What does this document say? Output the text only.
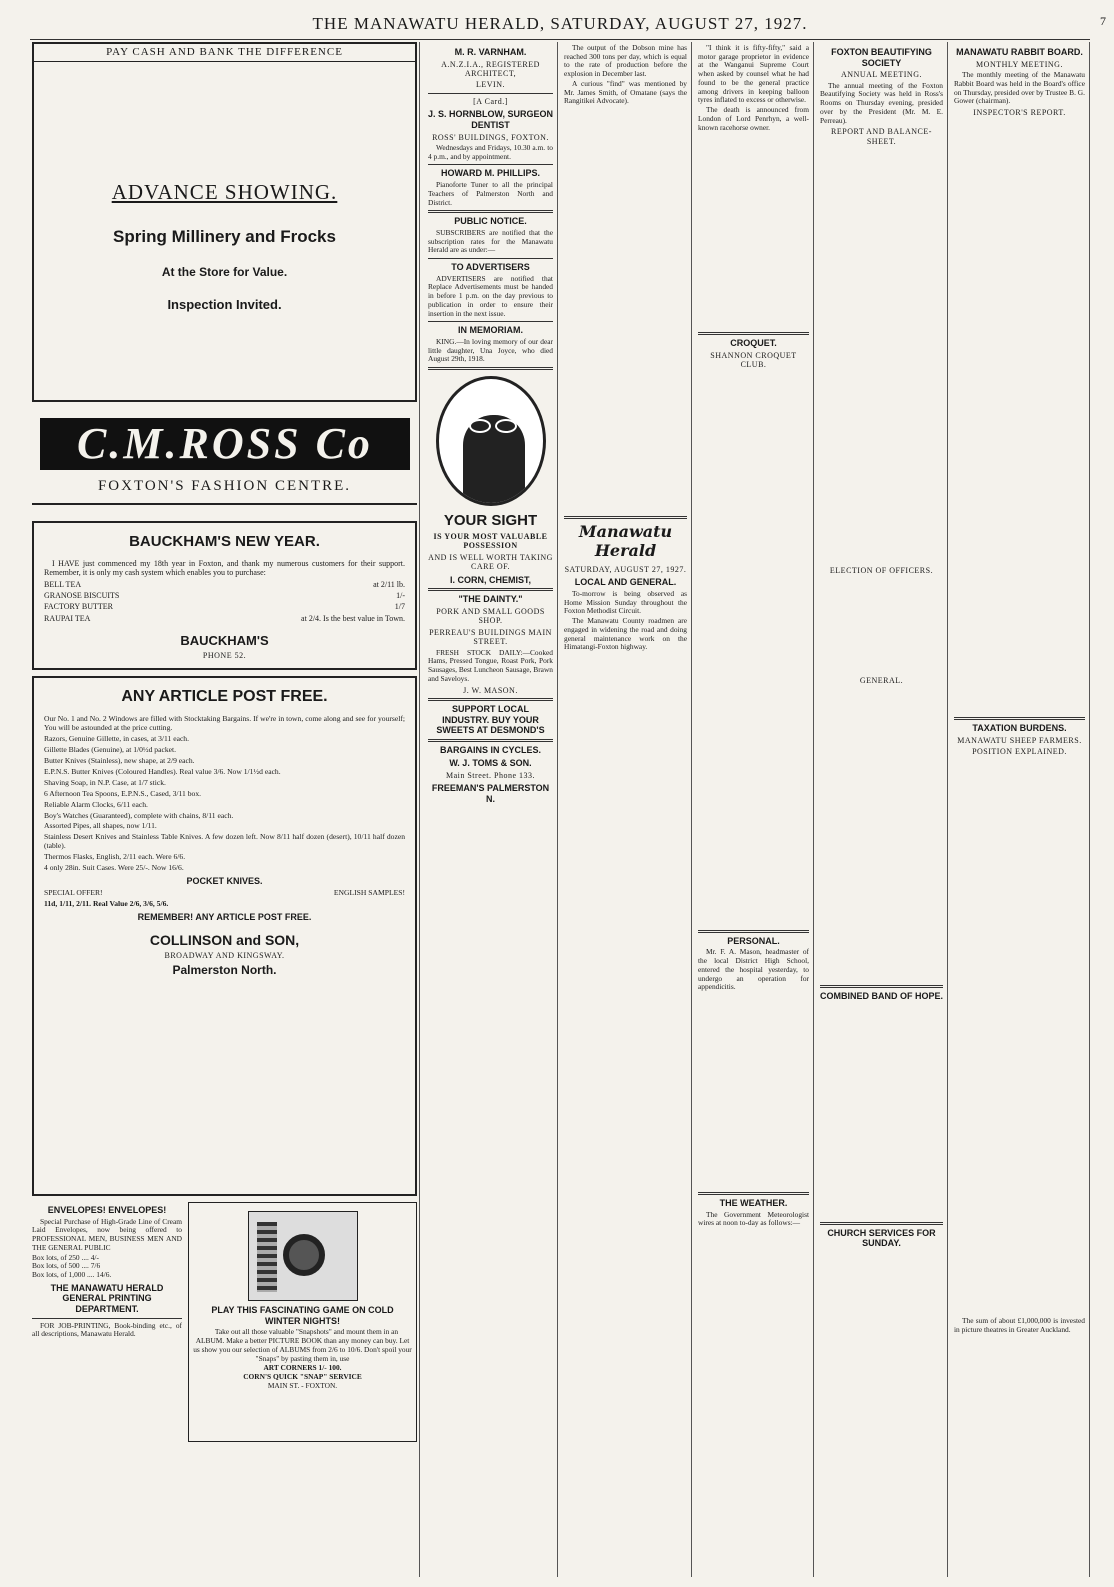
THE MANAWATU HERALD, SATURDAY, AUGUST 27, 1927.	7
PAY CASH AND BANK THE DIFFERENCE
ADVANCE SHOWING.
Spring Millinery and Frocks
At the Store for Value.
Inspection Invited.
C.M.ROSS Co
FOXTON'S FASHION CENTRE.
BAUCKHAM'S NEW YEAR.

I HAVE just commenced my 18th year in Foxton, and thank my numerous customers for their support. Remember, it is only my cash system which enables you to purchase:

BELL TEA	at 2/11 lb.
GRANOSE BISCUITS	1/-
FACTORY BUTTER	1/7
RAUPAI TEA	at 2/4. Is the best value in Town.
BAUCKHAM'S
PHONE 52.
ANY ARTICLE POST FREE.
Our No. 1 and No. 2 Windows are filled with Stocktaking Bargains. If we're in town, come along and see for yourself; You will be astounded at the price cutting.
Razors, Genuine Gillette, in cases, at 3/11 each.
Gillette Blades (Genuine), at 1/0½d packet.
Butter Knives (Stainless), new shape, at 2/9 each.
E.P.N.S. Butter Knives (Coloured Handles). Real value 3/6. Now 1/1½d each.
Shaving Soap, in N.P. Case, at 1/7 stick.
6 Afternoon Tea Spoons, E.P.N.S., Cased, 3/11 box.
Reliable Alarm Clocks, 6/11 each.
Boy's Watches (Guaranteed), complete with chains, 8/11 each.
Assorted Pipes, all shapes, now 1/11.
Stainless Desert Knives and Stainless Table Knives. A few dozen left. Now 8/11 half dozen (desert), 10/11 half dozen (table).
Thermos Flasks, English, 2/11 each. Were 6/6.
4 only 28in. Suit Cases. Were 25/-. Now 16/6.
POCKET KNIVES.
SPECIAL OFFER!	ENGLISH SAMPLES!
11d, 1/11, 2/11. Real Value 2/6, 3/6, 5/6.
REMEMBER! ANY ARTICLE POST FREE.
COLLINSON and SON,
BROADWAY AND KINGSWAY.
Palmerston North.
ENVELOPES! ENVELOPES!

Special Purchase of High-Grade Line of Cream Laid Envelopes, now being offered to PROFESSIONAL MEN, BUSINESS MEN AND THE GENERAL PUBLIC

Box lots, of 250 .... 4/-
Box lots, of 500 .... 7/6
Box lots, of 1,000 .... 14/6.
THE MANAWATU HERALD GENERAL PRINTING DEPARTMENT.

FOR JOB-PRINTING, Book-binding etc., of all descriptions, Manawatu Herald.

PLAY THIS FASCINATING GAME ON COLD WINTER NIGHTS!

Take out all those valuable "Snapshots" and mount them in an ALBUM. Make a better PICTURE BOOK than any money can buy. Let us show you our selection of ALBUMS from 2/6 to 10/6. Don't spoil your "Snaps" by pasting them in, use

ART CORNERS 1/- 100.
CORN'S QUICK "SNAP" SERVICE
MAIN ST. - FOXTON.
M. R. VARNHAM.
A.N.Z.I.A., REGISTERED ARCHITECT,
LEVIN.
[A Card.]
J. S. HORNBLOW, SURGEON DENTIST
ROSS' BUILDINGS, FOXTON.

Wednesdays and Fridays, 10.30 a.m. to 4 p.m., and by appointment.

HOWARD M. PHILLIPS.

Pianoforte Tuner to all the principal Teachers of Palmerston North and District.

PUBLIC NOTICE.

SUBSCRIBERS are notified that the subscription rates for the Manawatu Herald are as under:—

TO ADVERTISERS

ADVERTISERS are notified that Replace Advertisements must be handed in before 1 p.m. on the day previous to publication in order to ensure their insertion in the next issue.

IN MEMORIAM.

KING.—In loving memory of our dear little daughter, Una Joyce, who died August 29th, 1918.

YOUR SIGHT
IS YOUR MOST VALUABLE POSSESSION
AND IS WELL WORTH TAKING CARE OF.
I. CORN, CHEMIST,
"THE DAINTY."
PORK AND SMALL GOODS SHOP.
PERREAU'S BUILDINGS MAIN STREET.

FRESH STOCK DAILY:—Cooked Hams, Pressed Tongue, Roast Pork, Pork Sausages, Best Luncheon Sausage, Brawn and Saveloys.

J. W. MASON.
SUPPORT LOCAL INDUSTRY. BUY YOUR SWEETS AT DESMOND'S
BARGAINS IN CYCLES.
W. J. TOMS & SON.
Main Street. Phone 133.
FREEMAN'S PALMERSTON N.

The output of the Dobson mine has reached 300 tons per day, which is equal to the rate of production before the explosion in December last.

A curious "find" was mentioned by Mr. James Smith, of Omatane (says the Rangitikei Advocate).

Manawatu Herald
SATURDAY, AUGUST 27, 1927.
LOCAL AND GENERAL.

To-morrow is being observed as Home Mission Sunday throughout the Foxton Methodist Circuit.

The Manawatu County roadmen are engaged in widening the road and doing general maintenance work on the Himatangi-Foxton highway.

"I think it is fifty-fifty," said a motor garage proprietor in evidence at the Wanganui Supreme Court when asked by counsel what he had found to be the general practice among drivers in keeping balloon tyres inflated to excess or otherwise.

The death is announced from London of Lord Penrhyn, a well-known racehorse owner.

CROQUET.
SHANNON CROQUET CLUB.
PERSONAL.

Mr. F. A. Mason, headmaster of the local District High School, entered the hospital yesterday, to undergo an operation for appendicitis.

THE WEATHER.

The Government Meteorologist wires at noon to-day as follows:—

FOXTON BEAUTIFYING SOCIETY
ANNUAL MEETING.

The annual meeting of the Foxton Beautifying Society was held in Ross's Rooms on Thursday evening, presided over by the President (Mr. M. E. Perreau).

REPORT AND BALANCE-SHEET.
ELECTION OF OFFICERS.
GENERAL.
COMBINED BAND OF HOPE.
CHURCH SERVICES FOR SUNDAY.
MANAWATU RABBIT BOARD.
MONTHLY MEETING.

The monthly meeting of the Manawatu Rabbit Board was held in the Board's office on Thursday, presided over by Trustee B. G. Gower (chairman).

INSPECTOR'S REPORT.
TAXATION BURDENS.
MANAWATU SHEEP FARMERS.
POSITION EXPLAINED.

The sum of about £1,000,000 is invested in picture theatres in Greater Auckland.
